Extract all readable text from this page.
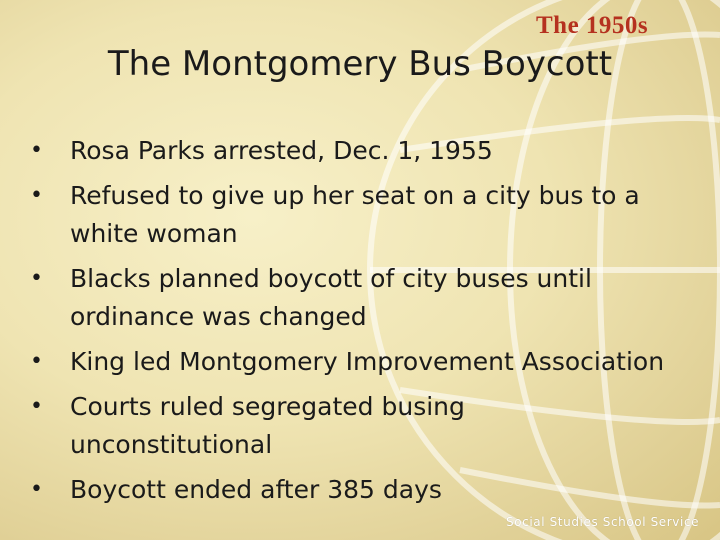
The 1950s
The Montgomery Bus Boycott
• Rosa Parks arrested, Dec. 1, 1955
• Refused to give up her seat on a city bus to a white woman
• Blacks planned boycott of city buses until ordinance was changed
• King led Montgomery Improvement Association
• Courts ruled segregated busing unconstitutional
• Boycott ended after 385 days
Social Studies School Service
